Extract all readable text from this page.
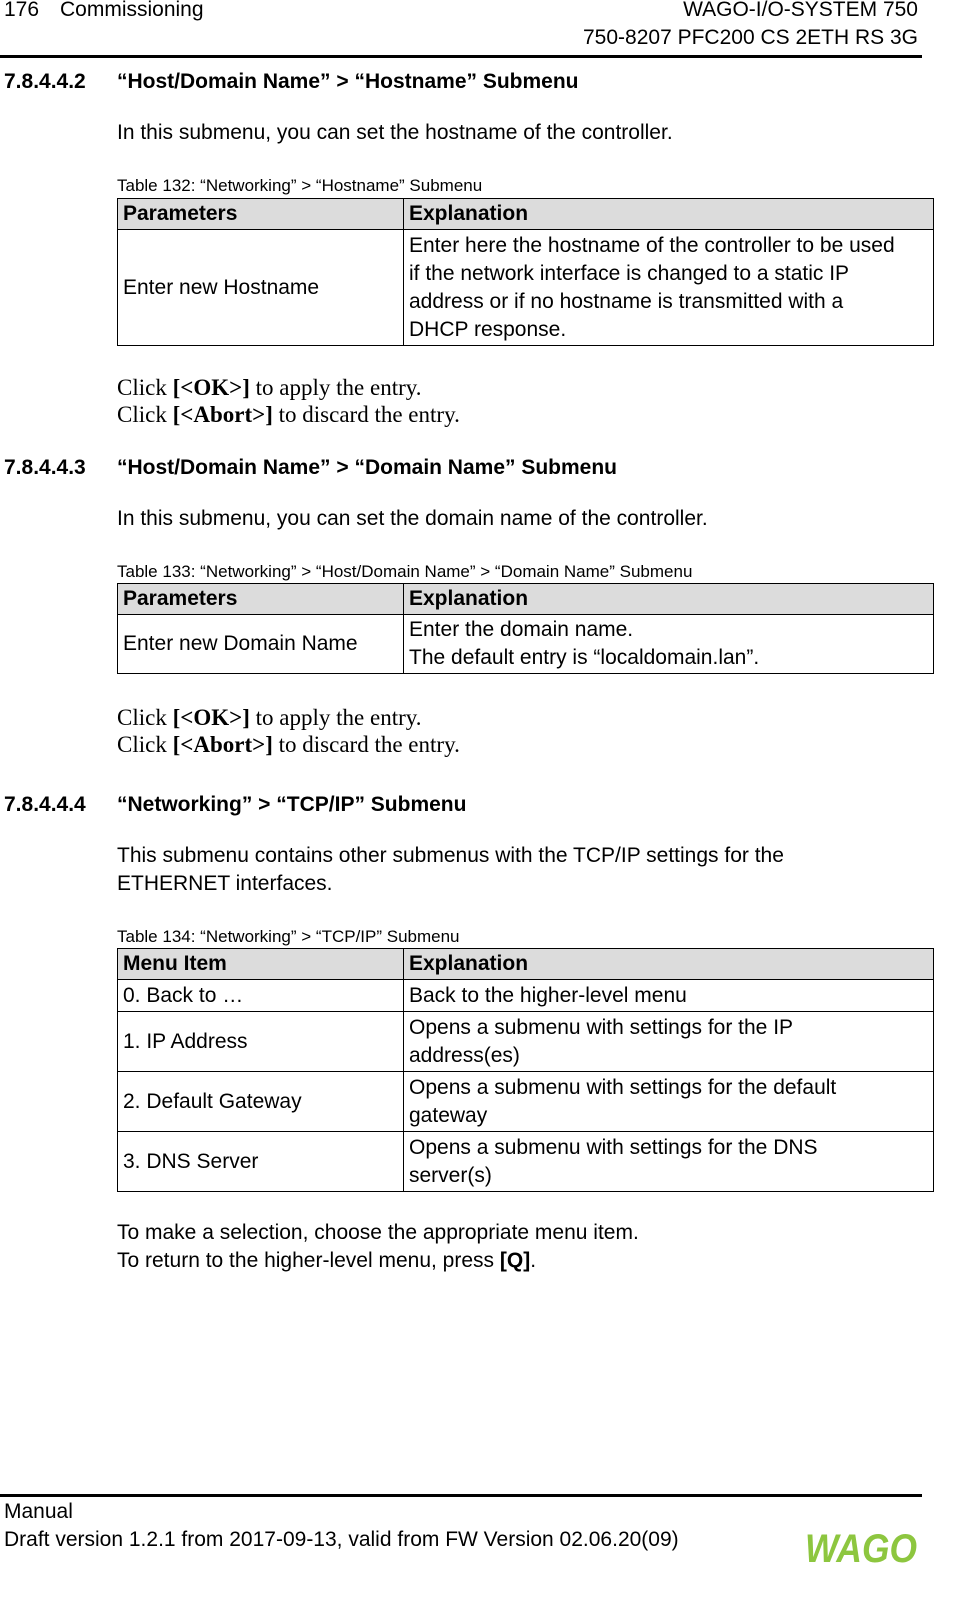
176 Commissioning	WAGO-I/O-SYSTEM 750
750-8207 PFC200 CS 2ETH RS 3G
7.8.4.4.2 “Host/Domain Name” > “Hostname” Submenu
In this submenu, you can set the hostname of the controller.
Table 132: “Networking” > “Hostname” Submenu
Parameters	Explanation
Enter new Hostname	Enter here the hostname of the controller to be used
if the network interface is changed to a static IP
address or if no hostname is transmitted with a
DHCP response.
Click [<OK>] to apply the entry.
Click [<Abort>] to discard the entry.
7.8.4.4.3 “Host/Domain Name” > “Domain Name” Submenu
In this submenu, you can set the domain name of the controller.
Table 133: “Networking” > “Host/Domain Name” > “Domain Name” Submenu
Parameters	Explanation
Enter new Domain Name	Enter the domain name.
The default entry is “localdomain.lan”.
Click [<OK>] to apply the entry.
Click [<Abort>] to discard the entry.
7.8.4.4.4 “Networking” > “TCP/IP” Submenu
This submenu contains other submenus with the TCP/IP settings for the
ETHERNET interfaces.
Table 134: “Networking” > “TCP/IP” Submenu
Menu Item	Explanation
0. Back to …	Back to the higher-level menu

1. IP Address	Opens a submenu with settings for the IP
address(es)

2. Default Gateway	Opens a submenu with settings for the default
gateway

3. DNS Server	Opens a submenu with settings for the DNS
server(s)
To make a selection, choose the appropriate menu item.
To return to the higher-level menu, press [Q].
Manual
Draft version 1.2.1 from 2017-09-13, valid from FW Version 02.06.20(09)	WAGO
